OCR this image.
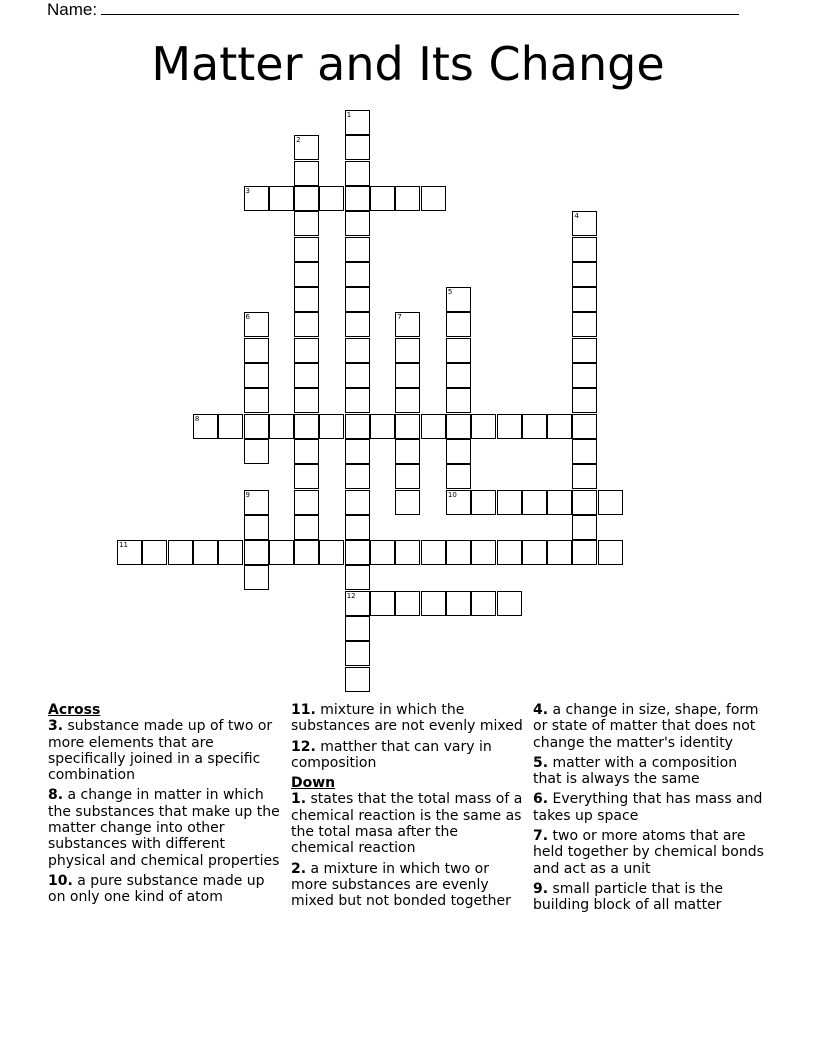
Name:
Matter and Its Change
1
12
2
3
4
5
10
6	7
8
9
11
Across
3. substance made up of two or more elements that are specifically joined in a specific combination
8. a change in matter in which the substances that make up the matter change into other substances with different physical and chemical properties
10. a pure substance made up on only one kind of atom
11. mixture in which the substances are not evenly mixed
12. matther that can vary in composition
Down
1. states that the total mass of a chemical reaction is the same as the total masa after the chemical reaction
2. a mixture in which two or more substances are evenly mixed but not bonded together
4. a change in size, shape, form or state of matter that does not change the matter's identity
5. matter with a composition that is always the same
6. Everything that has mass and takes up space
7. two or more atoms that are held together by chemical bonds and act as a unit
9. small particle that is the building block of all matter
